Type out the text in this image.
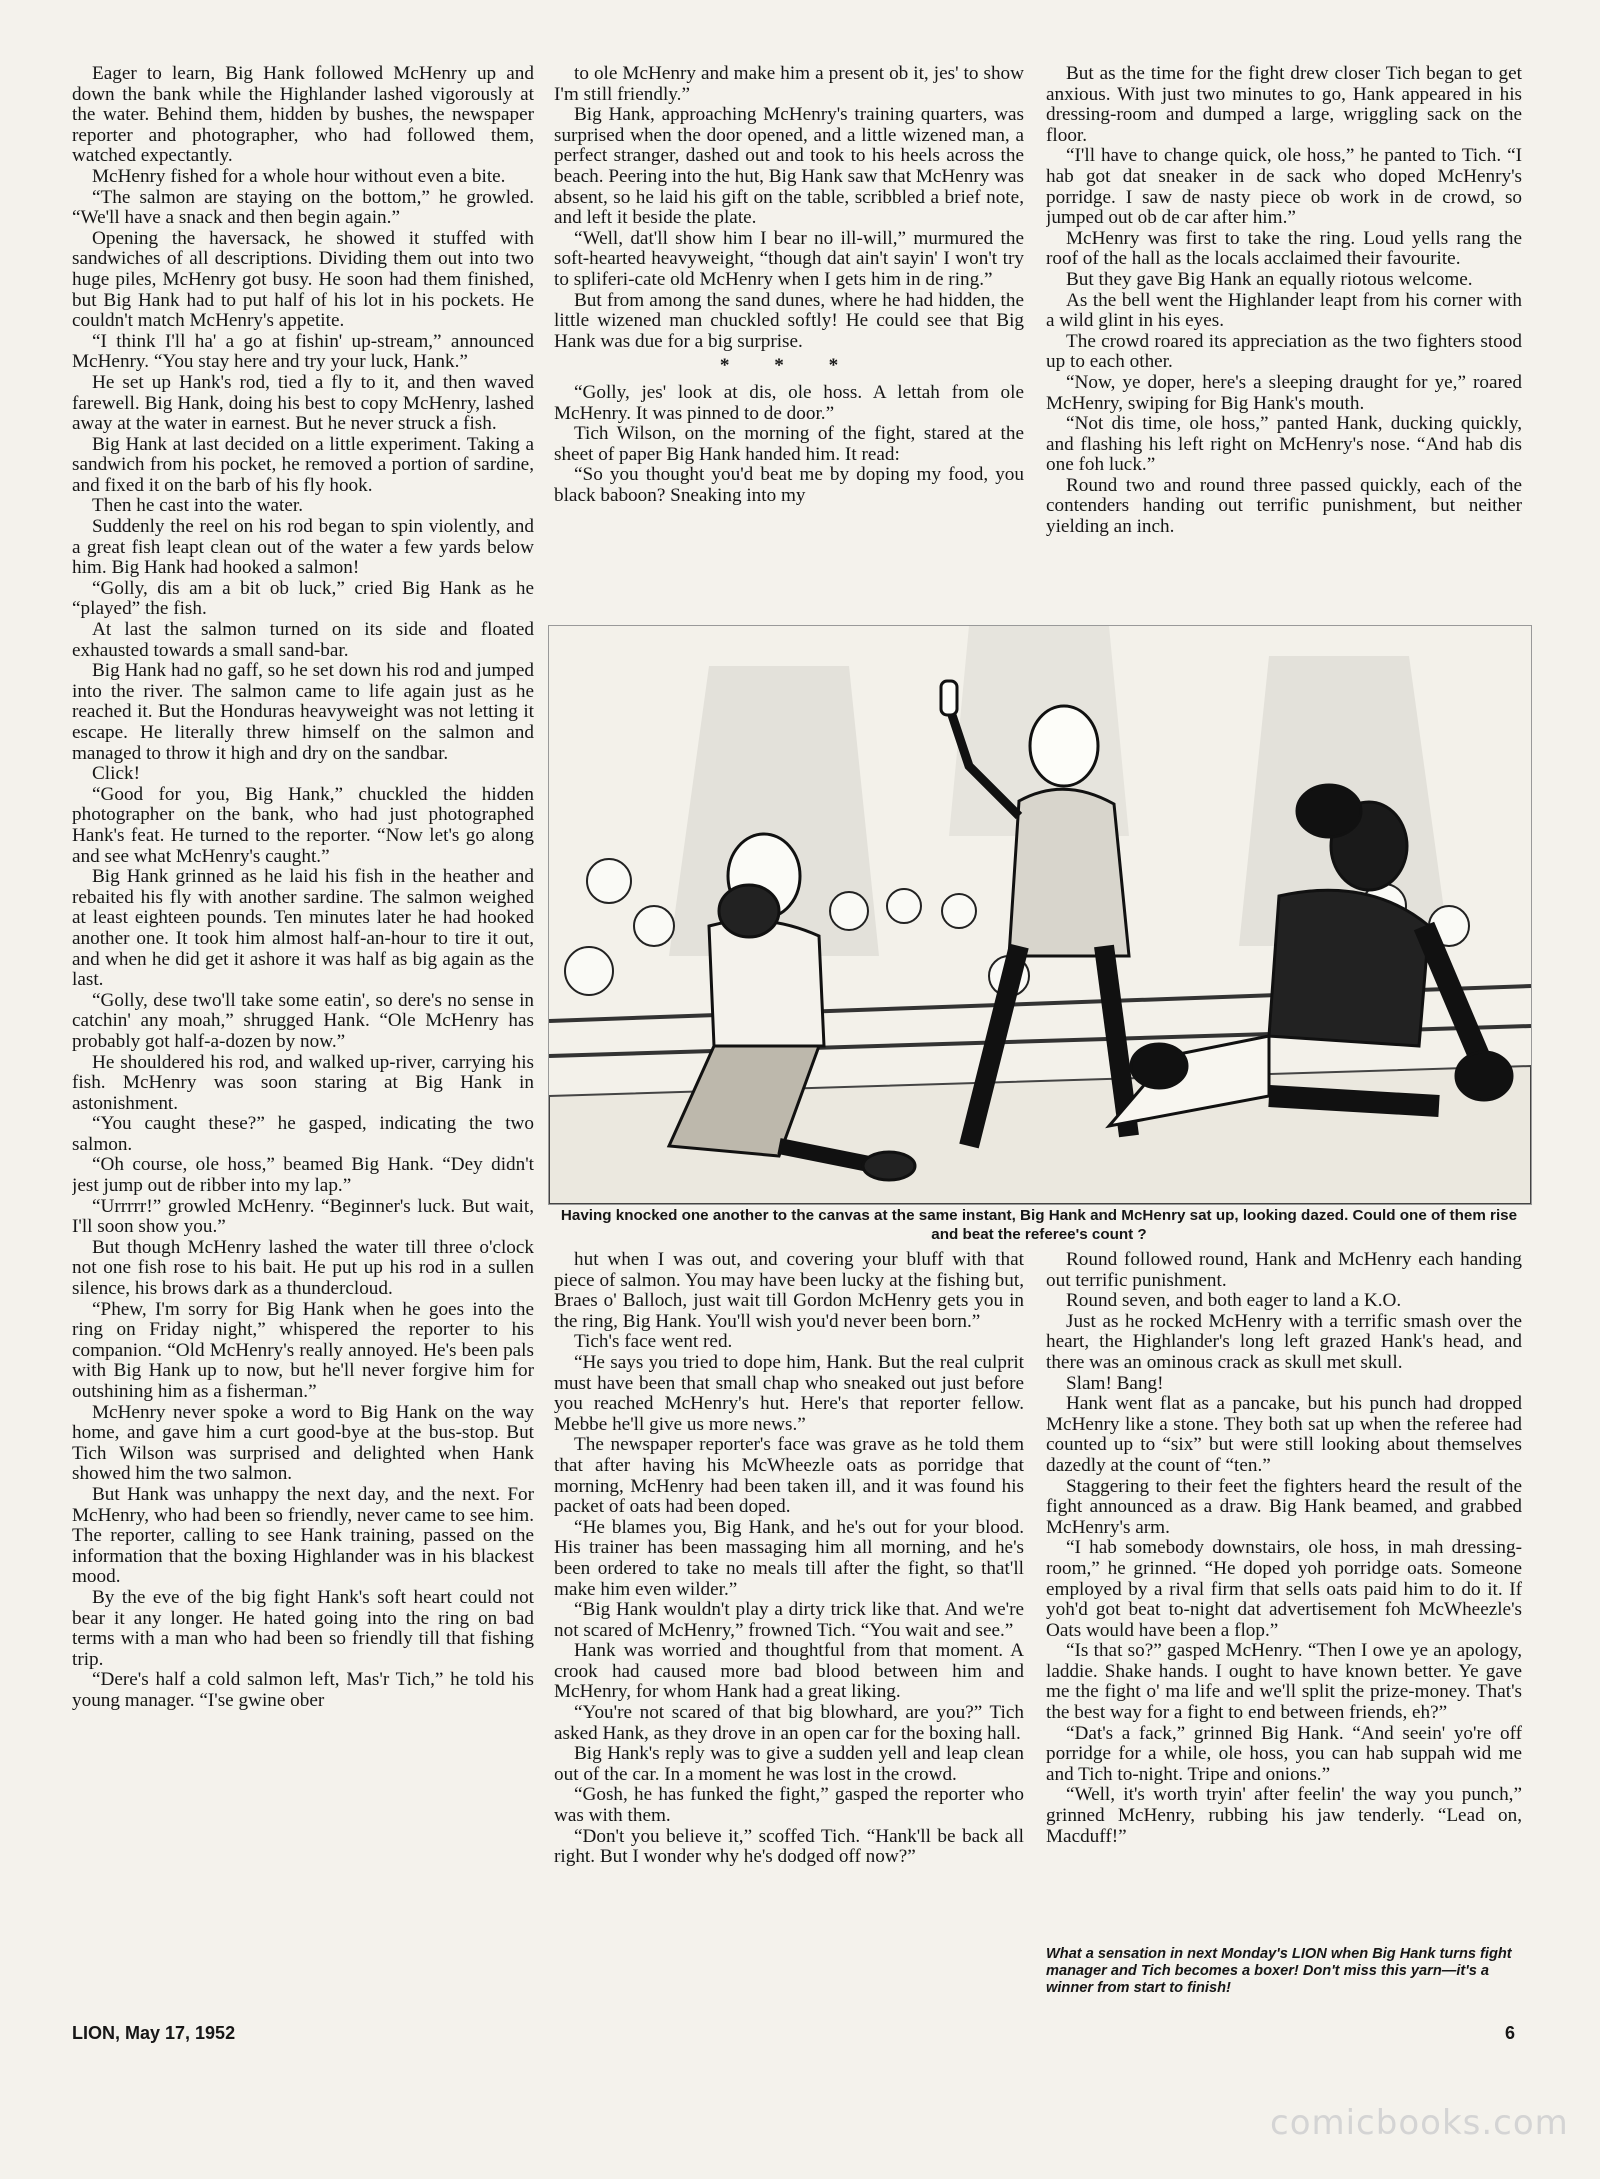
Eager to learn, Big Hank followed McHenry up and down the bank while the Highlander lashed vigorously at the water. Behind them, hidden by bushes, the newspaper reporter and photographer, who had followed them, watched expectantly.

McHenry fished for a whole hour without even a bite.

“The salmon are staying on the bottom,” he growled. “We'll have a snack and then begin again.”

Opening the haversack, he showed it stuffed with sandwiches of all descriptions. Dividing them out into two huge piles, McHenry got busy. He soon had them finished, but Big Hank had to put half of his lot in his pockets. He couldn't match McHenry's appetite.

“I think I'll ha' a go at fishin' up-stream,” announced McHenry. “You stay here and try your luck, Hank.”

He set up Hank's rod, tied a fly to it, and then waved farewell. Big Hank, doing his best to copy McHenry, lashed away at the water in earnest. But he never struck a fish.

Big Hank at last decided on a little experiment. Taking a sandwich from his pocket, he removed a portion of sardine, and fixed it on the barb of his fly hook.

Then he cast into the water.

Suddenly the reel on his rod began to spin violently, and a great fish leapt clean out of the water a few yards below him. Big Hank had hooked a salmon!

“Golly, dis am a bit ob luck,” cried Big Hank as he “played” the fish.

At last the salmon turned on its side and floated exhausted towards a small sand-bar.

Big Hank had no gaff, so he set down his rod and jumped into the river. The salmon came to life again just as he reached it. But the Honduras heavyweight was not letting it escape. He literally threw himself on the salmon and managed to throw it high and dry on the sandbar.

Click!

“Good for you, Big Hank,” chuckled the hidden photographer on the bank, who had just photographed Hank's feat. He turned to the reporter. “Now let's go along and see what McHenry's caught.”

Big Hank grinned as he laid his fish in the heather and rebaited his fly with another sardine. The salmon weighed at least eighteen pounds. Ten minutes later he had hooked another one. It took him almost half-an-hour to tire it out, and when he did get it ashore it was half as big again as the last.

“Golly, dese two'll take some eatin', so dere's no sense in catchin' any moah,” shrugged Hank. “Ole McHenry has probably got half-a-dozen by now.”

He shouldered his rod, and walked up-river, carrying his fish. McHenry was soon staring at Big Hank in astonishment.

“You caught these?” he gasped, indicating the two salmon.

“Oh course, ole hoss,” beamed Big Hank. “Dey didn't jest jump out de ribber into my lap.”

“Urrrrr!” growled McHenry. “Beginner's luck. But wait, I'll soon show you.”

But though McHenry lashed the water till three o'clock not one fish rose to his bait. He put up his rod in a sullen silence, his brows dark as a thundercloud.

“Phew, I'm sorry for Big Hank when he goes into the ring on Friday night,” whispered the reporter to his companion. “Old McHenry's really annoyed. He's been pals with Big Hank up to now, but he'll never forgive him for outshining him as a fisherman.”

McHenry never spoke a word to Big Hank on the way home, and gave him a curt good-bye at the bus-stop. But Tich Wilson was surprised and delighted when Hank showed him the two salmon.

But Hank was unhappy the next day, and the next. For McHenry, who had been so friendly, never came to see him. The reporter, calling to see Hank training, passed on the information that the boxing Highlander was in his blackest mood.

By the eve of the big fight Hank's soft heart could not bear it any longer. He hated going into the ring on bad terms with a man who had been so friendly till that fishing trip.

“Dere's half a cold salmon left, Mas'r Tich,” he told his young manager. “I'se gwine ober

to ole McHenry and make him a present ob it, jes' to show I'm still friendly.”

Big Hank, approaching McHenry's training quarters, was surprised when the door opened, and a little wizened man, a perfect stranger, dashed out and took to his heels across the beach. Peering into the hut, Big Hank saw that McHenry was absent, so he laid his gift on the table, scribbled a brief note, and left it beside the plate.

“Well, dat'll show him I bear no ill-will,” murmured the soft-hearted heavyweight, “though dat ain't sayin' I won't try to spliferi-cate old McHenry when I gets him in de ring.”

But from among the sand dunes, where he had hidden, the little wizened man chuckled softly! He could see that Big Hank was due for a big surprise.

* * *

“Golly, jes' look at dis, ole hoss. A lettah from ole McHenry. It was pinned to de door.”

Tich Wilson, on the morning of the fight, stared at the sheet of paper Big Hank handed him. It read:

“So you thought you'd beat me by doping my food, you black baboon? Sneaking into my

But as the time for the fight drew closer Tich began to get anxious. With just two minutes to go, Hank appeared in his dressing-room and dumped a large, wriggling sack on the floor.

“I'll have to change quick, ole hoss,” he panted to Tich. “I hab got dat sneaker in de sack who doped McHenry's porridge. I saw de nasty piece ob work in de crowd, so jumped out ob de car after him.”

McHenry was first to take the ring. Loud yells rang the roof of the hall as the locals acclaimed their favourite.

But they gave Big Hank an equally riotous welcome.

As the bell went the Highlander leapt from his corner with a wild glint in his eyes.

The crowd roared its appreciation as the two fighters stood up to each other.

“Now, ye doper, here's a sleeping draught for ye,” roared McHenry, swiping for Big Hank's mouth.

“Not dis time, ole hoss,” panted Hank, ducking quickly, and flashing his left right on McHenry's nose. “And hab dis one foh luck.”

Round two and round three passed quickly, each of the contenders handing out terrific punishment, but neither yielding an inch.

Having knocked one another to the canvas at the same instant, Big Hank and McHenry sat up, looking dazed. Could one of them rise and beat the referee's count ?

hut when I was out, and covering your bluff with that piece of salmon. You may have been lucky at the fishing but, Braes o' Balloch, just wait till Gordon McHenry gets you in the ring, Big Hank. You'll wish you'd never been born.”

Tich's face went red.

“He says you tried to dope him, Hank. But the real culprit must have been that small chap who sneaked out just before you reached McHenry's hut. Here's that reporter fellow. Mebbe he'll give us more news.”

The newspaper reporter's face was grave as he told them that after having his McWheezle oats as porridge that morning, McHenry had been taken ill, and it was found his packet of oats had been doped.

“He blames you, Big Hank, and he's out for your blood. His trainer has been massaging him all morning, and he's been ordered to take no meals till after the fight, so that'll make him even wilder.”

“Big Hank wouldn't play a dirty trick like that. And we're not scared of McHenry,” frowned Tich. “You wait and see.”

Hank was worried and thoughtful from that moment. A crook had caused more bad blood between him and McHenry, for whom Hank had a great liking.

“You're not scared of that big blowhard, are you?” Tich asked Hank, as they drove in an open car for the boxing hall.

Big Hank's reply was to give a sudden yell and leap clean out of the car. In a moment he was lost in the crowd.

“Gosh, he has funked the fight,” gasped the reporter who was with them.

“Don't you believe it,” scoffed Tich. “Hank'll be back all right. But I wonder why he's dodged off now?”

Round followed round, Hank and McHenry each handing out terrific punishment.

Round seven, and both eager to land a K.O.

Just as he rocked McHenry with a terrific smash over the heart, the Highlander's long left grazed Hank's head, and there was an ominous crack as skull met skull.

Slam! Bang!

Hank went flat as a pancake, but his punch had dropped McHenry like a stone. They both sat up when the referee had counted up to “six” but were still looking about themselves dazedly at the count of “ten.”

Staggering to their feet the fighters heard the result of the fight announced as a draw. Big Hank beamed, and grabbed McHenry's arm.

“I hab somebody downstairs, ole hoss, in mah dressing-room,” he grinned. “He doped yoh porridge oats. Someone employed by a rival firm that sells oats paid him to do it. If yoh'd got beat to-night dat advertisement foh McWheezle's Oats would have been a flop.”

“Is that so?” gasped McHenry. “Then I owe ye an apology, laddie. Shake hands. I ought to have known better. Ye gave me the fight o' ma life and we'll split the prize-money. That's the best way for a fight to end between friends, eh?”

“Dat's a fack,” grinned Big Hank. “And seein' yo're off porridge for a while, ole hoss, you can hab suppah wid me and Tich to-night. Tripe and onions.”

“Well, it's worth tryin' after feelin' the way you punch,” grinned McHenry, rubbing his jaw tenderly. “Lead on, Macduff!”

What a sensation in next Monday's LION when Big Hank turns fight manager and Tich becomes a boxer! Don't miss this yarn—it's a winner from start to finish!
LION, May 17, 1952	6
comicbooks.com
